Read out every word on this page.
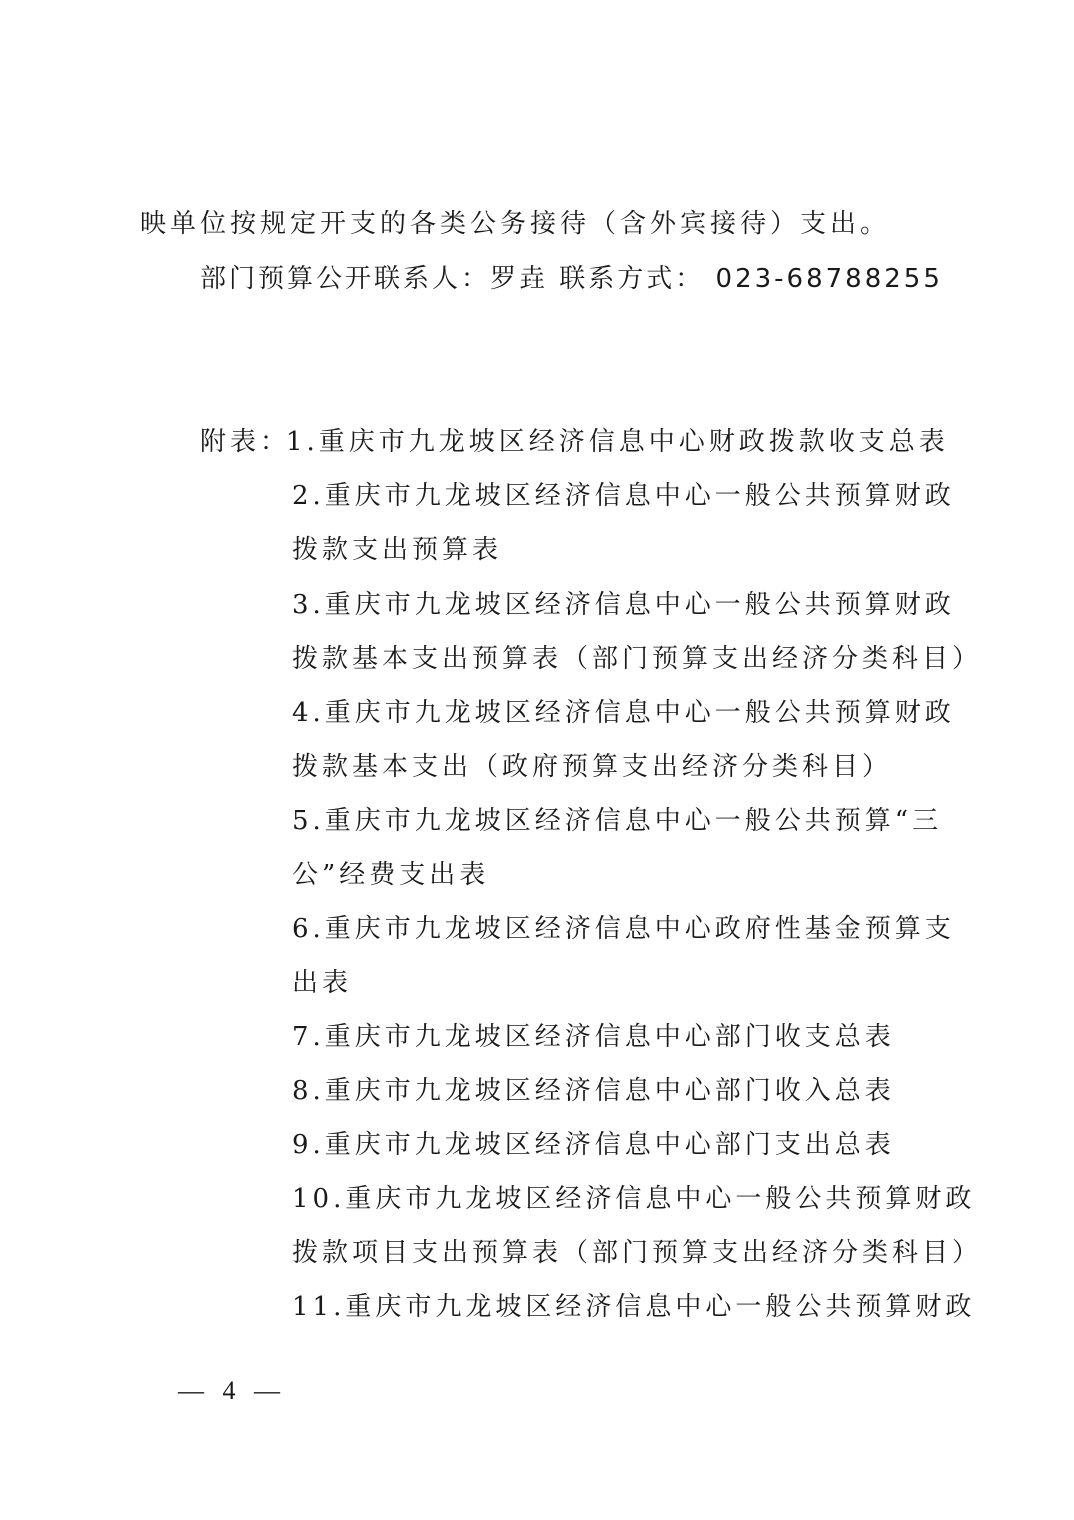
映单位按规定开支的各类公务接待（含外宾接待）支出。
部门预算公开联系人：罗垚 联系方式： 023-68788255
附表：
1.重庆市九龙坡区经济信息中心财政拨款收支总表
2.重庆市九龙坡区经济信息中心一般公共预算财政
拨款支出预算表
3.重庆市九龙坡区经济信息中心一般公共预算财政
拨款基本支出预算表（部门预算支出经济分类科目）
4.重庆市九龙坡区经济信息中心一般公共预算财政
拨款基本支出（政府预算支出经济分类科目）
5.重庆市九龙坡区经济信息中心一般公共预算“三
公”经费支出表
6.重庆市九龙坡区经济信息中心政府性基金预算支
出表
7.重庆市九龙坡区经济信息中心部门收支总表
8.重庆市九龙坡区经济信息中心部门收入总表
9.重庆市九龙坡区经济信息中心部门支出总表
10.重庆市九龙坡区经济信息中心一般公共预算财政
拨款项目支出预算表（部门预算支出经济分类科目）
11.重庆市九龙坡区经济信息中心一般公共预算财政
— 4 —
